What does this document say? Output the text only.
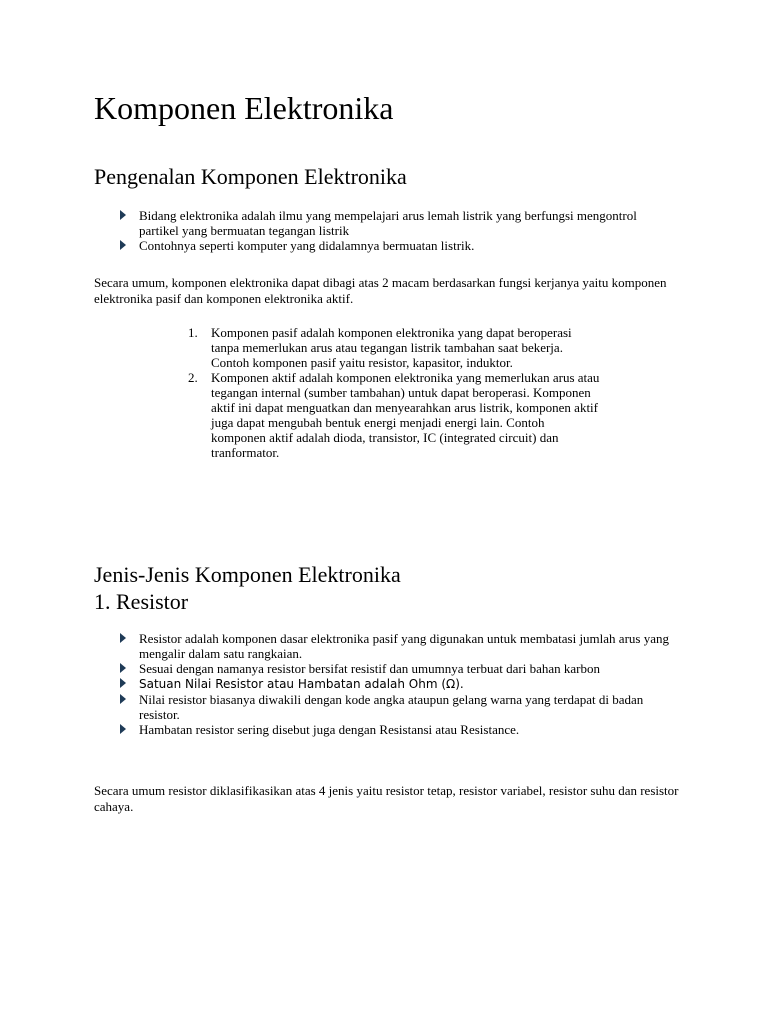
Komponen Elektronika
Pengenalan Komponen Elektronika
Bidang elektronika adalah ilmu yang mempelajari arus lemah listrik yang berfungsi mengontrol partikel yang bermuatan tegangan listrik
Contohnya seperti komputer yang didalamnya bermuatan listrik.

Secara umum, komponen elektronika dapat dibagi atas 2 macam berdasarkan fungsi kerjanya yaitu komponen elektronika pasif dan komponen elektronika aktif.

1. Komponen pasif adalah komponen elektronika yang dapat beroperasi tanpa memerlukan arus atau tegangan listrik tambahan saat bekerja. Contoh komponen pasif yaitu resistor, kapasitor, induktor.
2. Komponen aktif adalah komponen elektronika yang memerlukan arus atau tegangan internal (sumber tambahan) untuk dapat beroperasi. Komponen aktif ini dapat menguatkan dan menyearahkan arus listrik, komponen aktif juga dapat mengubah bentuk energi menjadi energi lain. Contoh komponen aktif adalah dioda, transistor, IC (integrated circuit) dan tranformator.
Jenis-Jenis Komponen Elektronika
1. Resistor
Resistor adalah komponen dasar elektronika pasif yang digunakan untuk membatasi jumlah arus yang mengalir dalam satu rangkaian.
Sesuai dengan namanya resistor bersifat resistif dan umumnya terbuat dari bahan karbon
Satuan Nilai Resistor atau Hambatan adalah Ohm (Ω).
Nilai resistor biasanya diwakili dengan kode angka ataupun gelang warna yang terdapat di badan resistor.
Hambatan resistor sering disebut juga dengan Resistansi atau Resistance.

Secara umum resistor diklasifikasikan atas 4 jenis yaitu resistor tetap, resistor variabel, resistor suhu dan resistor cahaya.
